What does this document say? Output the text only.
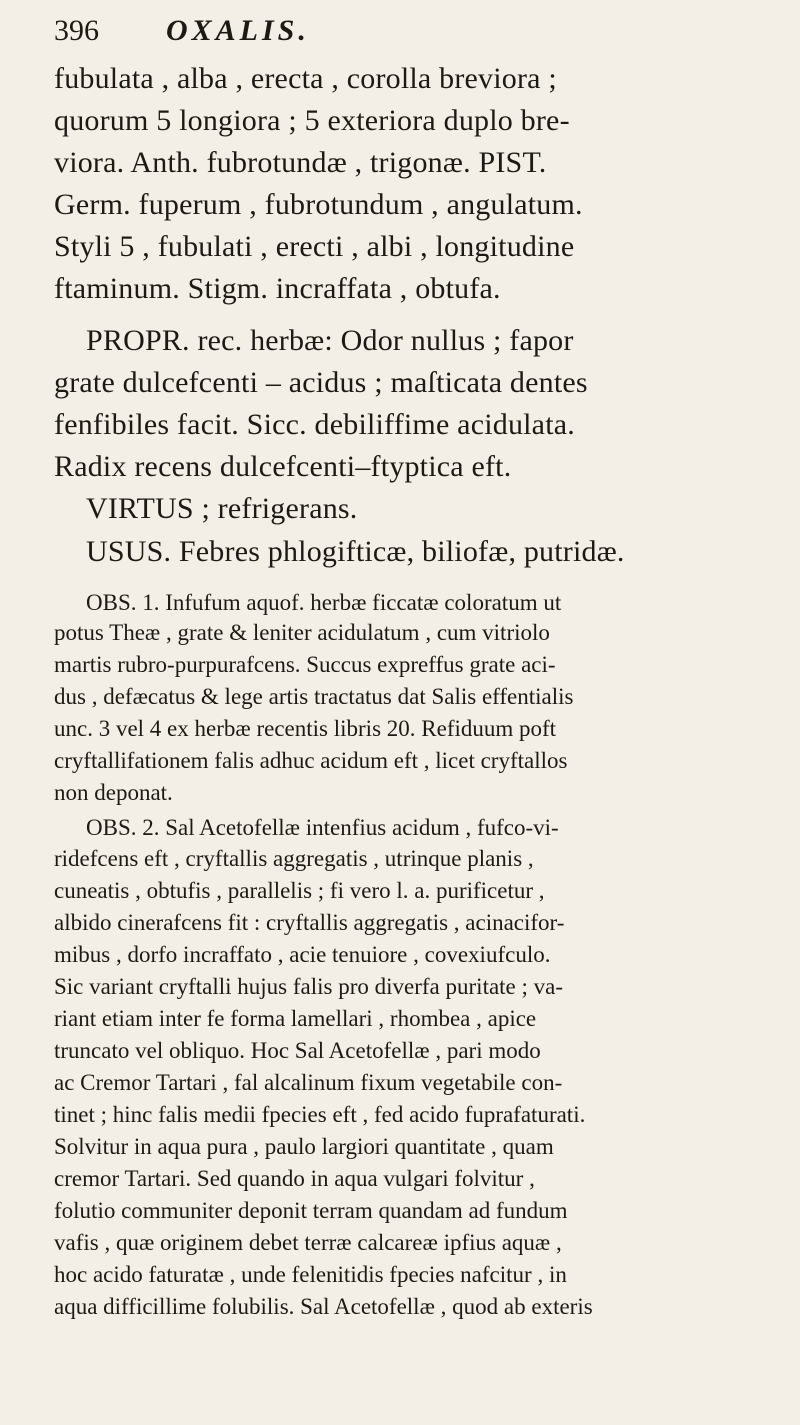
396 OXALIS.
fubulata , alba , erecta , corolla breviora ;
quorum 5 longiora ; 5 exteriora duplo bre-
viora. Anth. fubrotundæ , trigonæ. PIST.
Germ. fuperum , fubrotundum , angulatum.
Styli 5 , fubulati , erecti , albi , longitudine
ftaminum. Stigm. incraffata , obtufa.
PROPR. rec. herbæ: Odor nullus ; fapor
grate dulcefcenti – acidus ; maſticata dentes
fenfibiles facit. Sicc. debiliffime acidulata.
Radix recens dulcefcenti–ftyptica eft.
VIRTUS ; refrigerans.
USUS. Febres phlogifticæ, biliofæ, putridæ.
OBS. 1. Infufum aquof. herbæ ficcatæ coloratum ut
potus Theæ , grate & leniter acidulatum , cum vitriolo
martis rubro-purpurafcens. Succus expreffus grate aci-
dus , defæcatus & lege artis tractatus dat Salis effentialis
unc. 3 vel 4 ex herbæ recentis libris 20. Refiduum poft
cryftallifationem falis adhuc acidum eft , licet cryftallos
non deponat.
OBS. 2. Sal Acetofellæ intenfius acidum , fufco-vi-
ridefcens eft , cryftallis aggregatis , utrinque planis ,
cuneatis , obtufis , parallelis ; fi vero l. a. purificetur ,
albido cinerafcens fit : cryftallis aggregatis , acinacifor-
mibus , dorfo incraffato , acie tenuiore , covexiufculo.
Sic variant cryftalli hujus falis pro diverfa puritate ; va-
riant etiam inter fe forma lamellari , rhombea , apice
truncato vel obliquo. Hoc Sal Acetofellæ , pari modo
ac Cremor Tartari , fal alcalinum fixum vegetabile con-
tinet ; hinc falis medii fpecies eft , fed acido fuprafaturati.
Solvitur in aqua pura , paulo largiori quantitate , quam
cremor Tartari. Sed quando in aqua vulgari folvitur ,
folutio communiter deponit terram quandam ad fundum
vafis , quæ originem debet terræ calcareæ ipfius aquæ ,
hoc acido faturatæ , unde felenitidis fpecies nafcitur , in
aqua difficillime folubilis. Sal Acetofellæ , quod ab exteris
